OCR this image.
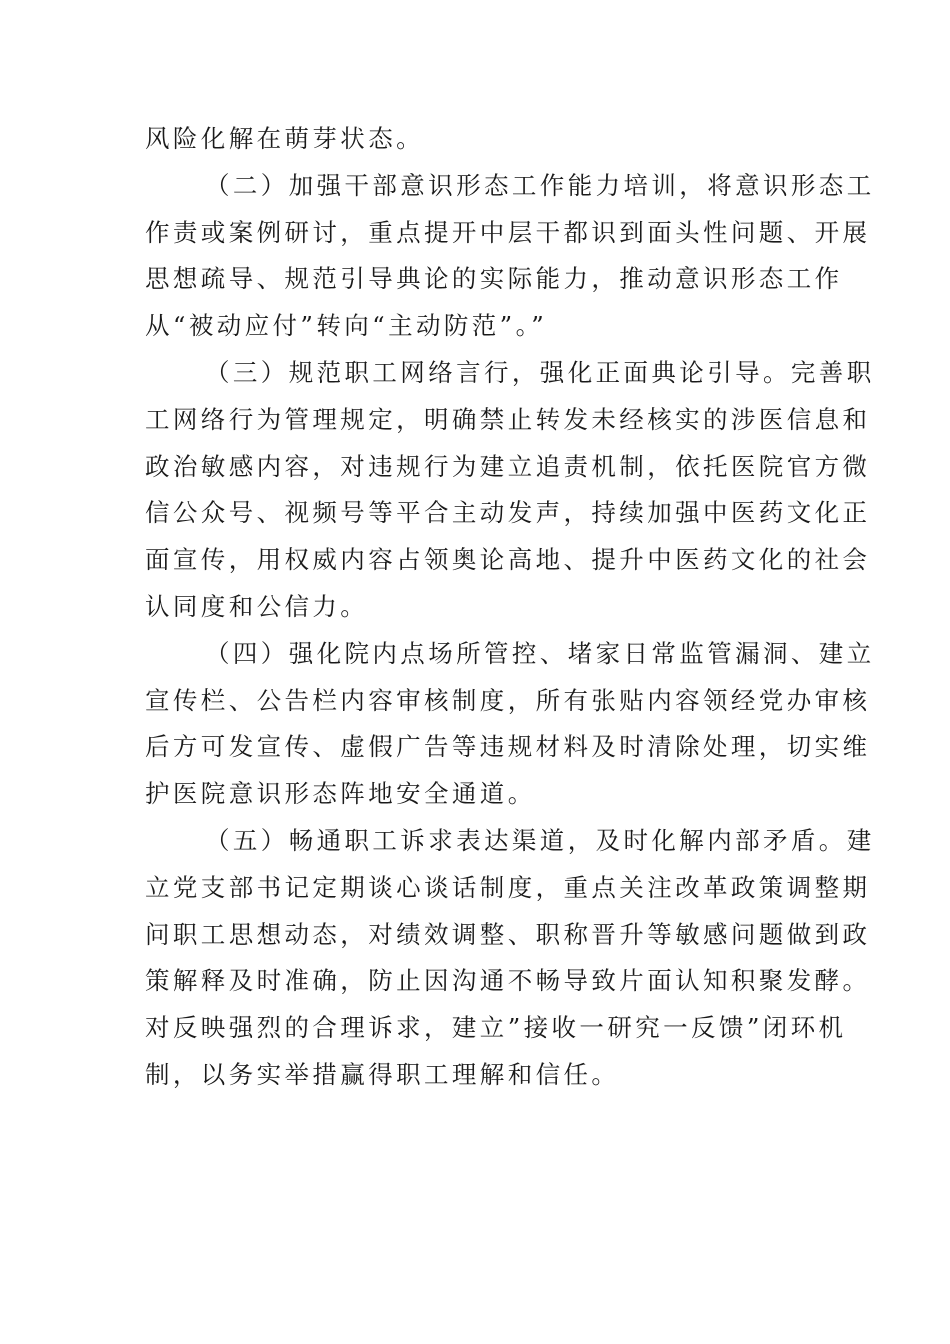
风险化解在萌芽状态。
（二）加强干部意识形态工作能力培训，将意识形态工
作责或案例研讨，重点提开中层干都识到面头性问题、开展
思想疏导、规范引导典论的实际能力，推动意识形态工作
从“被动应付”转向“主动防范”。”
（三）规范职工网络言行，强化正面典论引导。完善职
工网络行为管理规定，明确禁止转发未经核实的涉医信息和
政治敏感内容，对违规行为建立追责机制，依托医院官方微
信公众号、视频号等平合主动发声，持续加强中医药文化正
面宣传，用权威内容占领奥论高地、提升中医药文化的社会
认同度和公信力。
（四）强化院内点场所管控、堵家日常监管漏洞、建立
宣传栏、公告栏内容审核制度，所有张贴内容领经党办审核
后方可发宣传、虚假广告等违规材料及时清除处理，切实维
护医院意识形态阵地安全通道。
（五）畅通职工诉求表达渠道，及时化解内部矛盾。建
立党支部书记定期谈心谈话制度，重点关注改革政策调整期
问职工思想动态，对绩效调整、职称晋升等敏感问题做到政
策解释及时准确，防止因沟通不畅导致片面认知积聚发酵。
对反映强烈的合理诉求，建立”接收一研究一反馈”闭环机
制，以务实举措赢得职工理解和信任。
